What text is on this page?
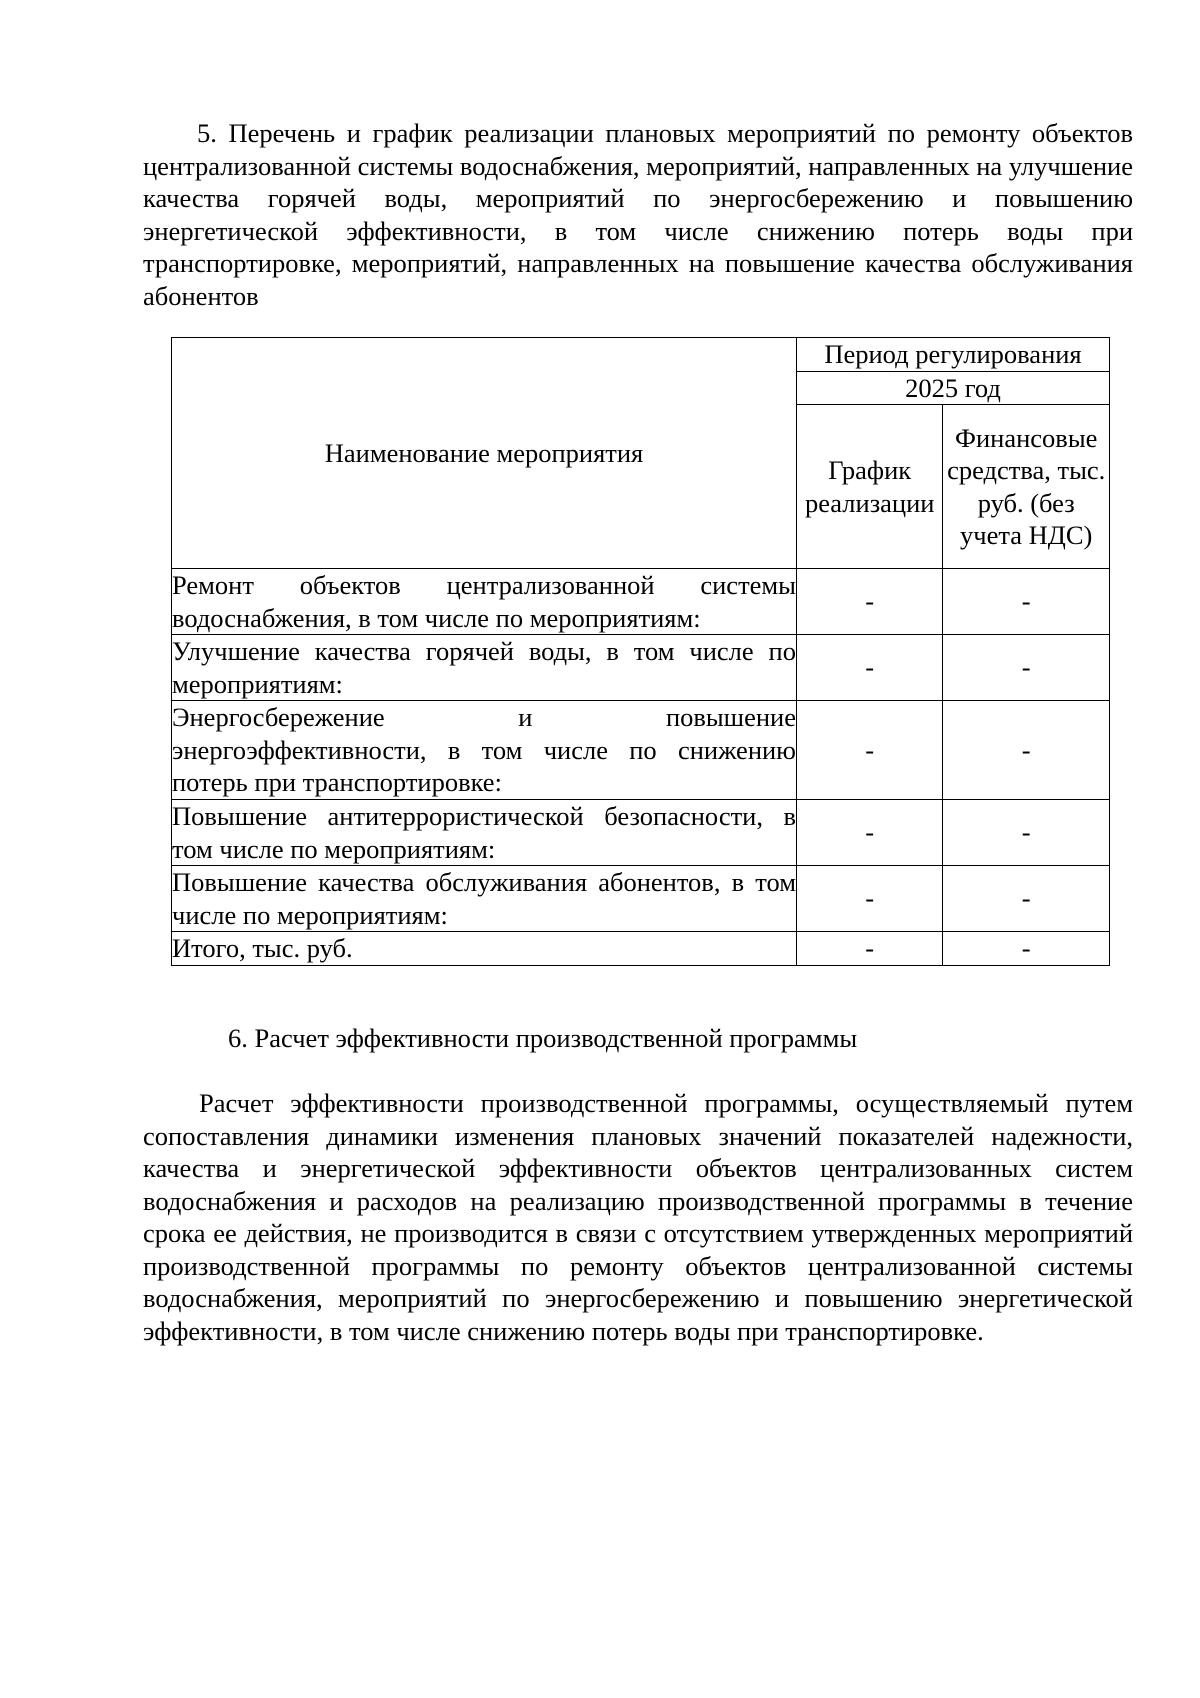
5. Перечень и график реализации плановых мероприятий по ремонту объектов централизованной системы водоснабжения, мероприятий, направленных на улучшение качества горячей воды, мероприятий по энергосбережению и повышению энергетической эффективности, в том числе снижению потерь воды при транспортировке, мероприятий, направленных на повышение качества обслуживания абонентов

Наименование мероприятия	Период регулирования	
	2025 год	
	График реализации	Финансовые средства, тыс. руб. (без учета НДС)
Ремонт объектов централизованной системы водоснабжения, в том числе по мероприятиям:	-	-
Улучшение качества горячей воды, в том числе по мероприятиям:	-	-
Энергосбережение и повышение энергоэффективности, в том числе по снижению потерь при транспортировке:	-	-
Повышение антитеррористической безопасности, в том числе по мероприятиям:	-	-
Повышение качества обслуживания абонентов, в том числе по мероприятиям:	-	-
Итого, тыс. руб.	-	-

6. Расчет эффективности производственной программы

Расчет эффективности производственной программы, осуществляемый путем сопоставления динамики изменения плановых значений показателей надежности, качества и энергетической эффективности объектов централизованных систем водоснабжения и расходов на реализацию производственной программы в течение срока ее действия, не производится в связи с отсутствием утвержденных мероприятий производственной программы по ремонту объектов централизованной системы водоснабжения, мероприятий по энергосбережению и повышению энергетической эффективности, в том числе снижению потерь воды при транспортировке.
